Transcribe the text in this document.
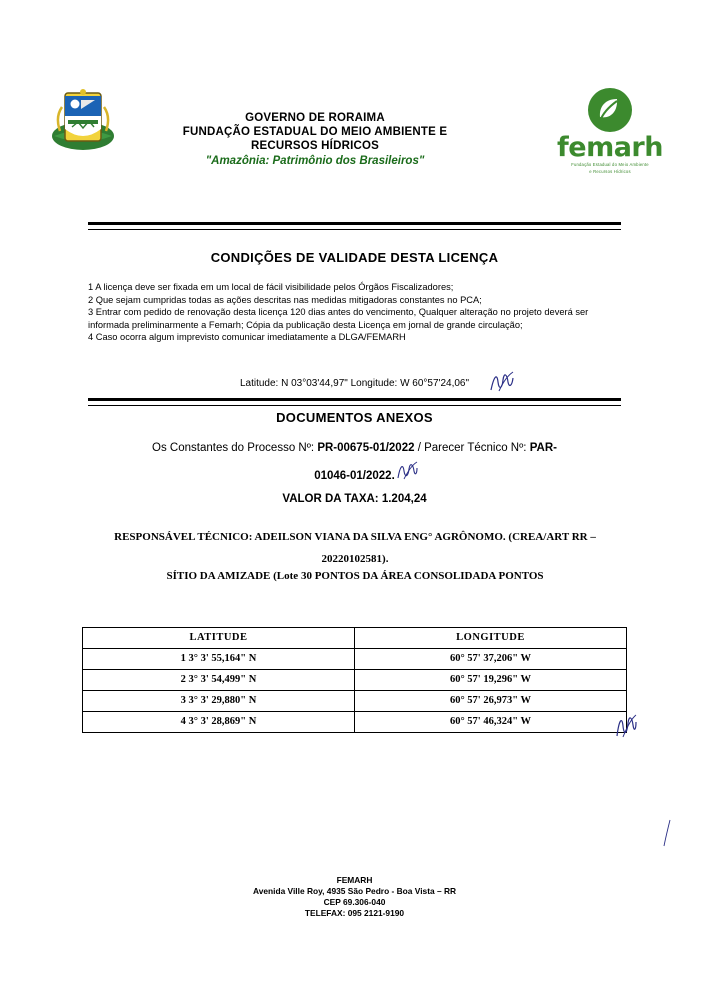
GOVERNO DE RORAIMA
FUNDAÇÃO ESTADUAL DO MEIO AMBIENTE E
RECURSOS HÍDRICOS
"Amazônia: Patrimônio dos Brasileiros"	femarh
Fundação Estadual do Meio Ambiente
e Recursos Hídricos
CONDIÇÕES DE VALIDADE DESTA LICENÇA

1 A licença deve ser fixada em um local de fácil visibilidade pelos Órgãos Fiscalizadores;

2 Que sejam cumpridas todas as ações descritas nas medidas mitigadoras constantes no PCA;

3 Entrar com pedido de renovação desta licença 120 dias antes do vencimento, Qualquer alteração no projeto deverá ser informada preliminarmente a Femarh; Cópia da publicação desta Licença em jornal de grande circulação;

4 Caso ocorra algum imprevisto comunicar imediatamente a DLGA/FEMARH

Latitude: N 03°03'44,97" Longitude: W 60°57'24,06"
DOCUMENTOS ANEXOS
Os Constantes do Processo Nº: PR-00675-01/2022 / Parecer Técnico Nº: PAR-
01046-01/2022.
VALOR DA TAXA: 1.204,24
RESPONSÁVEL TÉCNICO: ADEILSON VIANA DA SILVA ENG° AGRÔNOMO. (CREA/ART RR –
20220102581).
SÍTIO DA AMIZADE (Lote 30 PONTOS DA ÁREA CONSOLIDADA PONTOS
LATITUDE	LONGITUDE
1 3° 3' 55,164" N	60° 57' 37,206" W
2 3° 3' 54,499" N	60° 57' 19,296" W
3 3° 3' 29,880" N	60° 57' 26,973" W
4 3° 3' 28,869" N	60° 57' 46,324" W
FEMARH
Avenida Ville Roy, 4935 São Pedro - Boa Vista – RR
CEP 69.306-040
TELEFAX: 095 2121-9190
